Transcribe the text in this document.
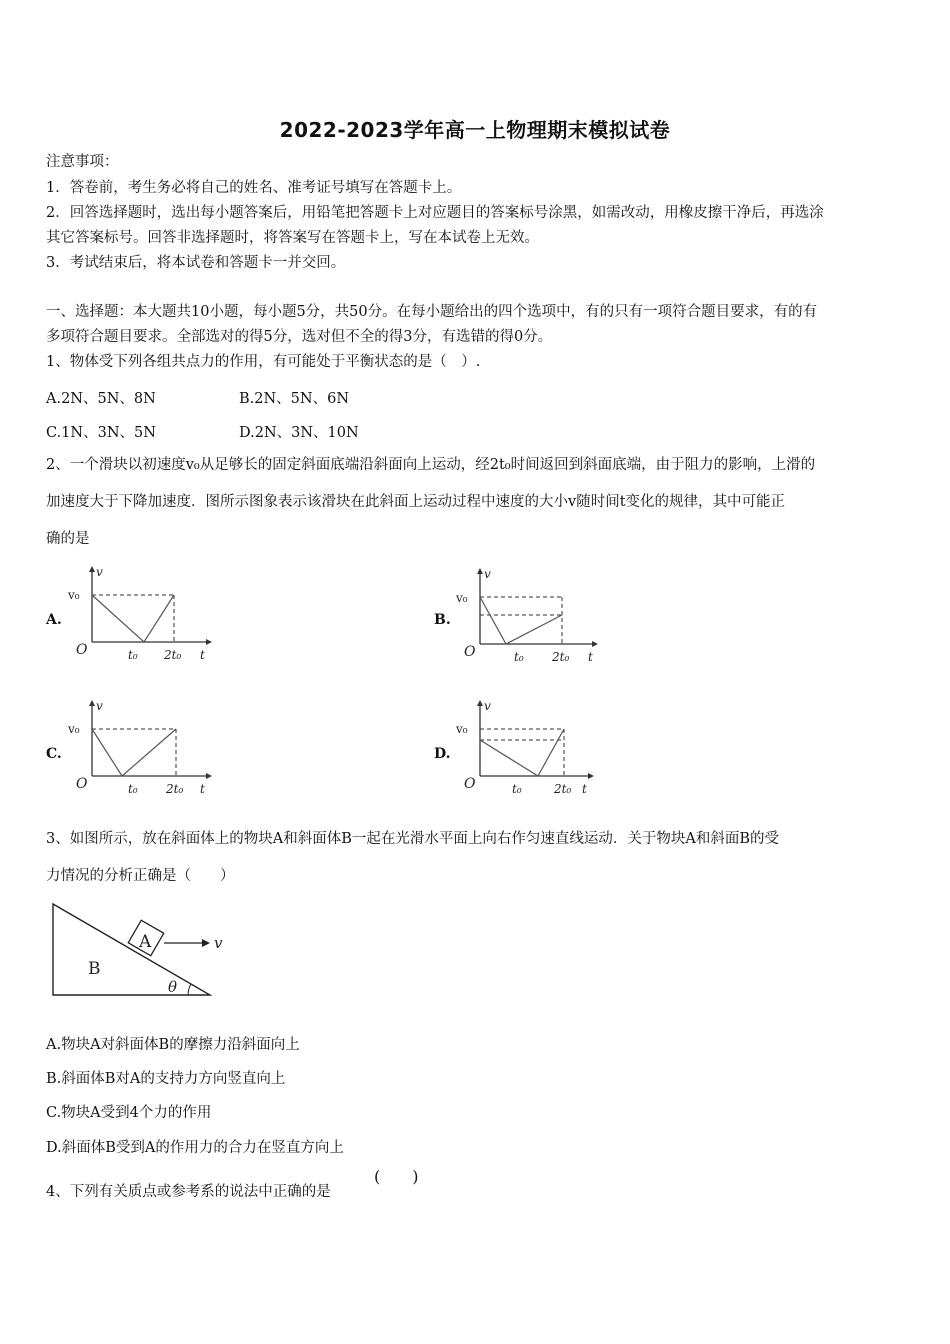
2022-2023学年高一上物理期末模拟试卷
注意事项：
1．答卷前，考生务必将自己的姓名、准考证号填写在答题卡上。
2．回答选择题时，选出每小题答案后，用铅笔把答题卡上对应题目的答案标号涂黑，如需改动，用橡皮擦干净后，再选涂
其它答案标号。回答非选择题时，将答案写在答题卡上，写在本试卷上无效。
3．考试结束后，将本试卷和答题卡一并交回。
一、选择题：本大题共10小题，每小题5分，共50分。在每小题给出的四个选项中，有的只有一项符合题目要求，有的有
多项符合题目要求。全部选对的得5分，选对但不全的得3分，有选错的得0分。
1、物体受下列各组共点力的作用，有可能处于平衡状态的是（　）.
A.2N、5N、8N	B.2N、5N、6N
C.1N、3N、5N	D.2N、3N、10N
2、一个滑块以初速度v₀从足够长的固定斜面底端沿斜面向上运动，经2t₀时间返回到斜面底端，由于阻力的影响，上滑的
加速度大于下降加速度．图所示图象表示该滑块在此斜面上运动过程中速度的大小v随时间t变化的规律，其中可能正
确的是
A.	B.
C.	D.
v
v₀
O	t₀ 2t₀ t
v
v₀
O	t₀ 2t₀ t
v
v₀
O	t₀ 2t₀ t
v
v₀
O	t₀	2t₀ t
3、如图所示，放在斜面体上的物块A和斜面体B一起在光滑水平面上向右作匀速直线运动．关于物块A和斜面B的受
力情况的分析正确是（　　）
A	v
B
θ
A.物块A对斜面体B的摩擦力沿斜面向上
B.斜面体B对A的支持力方向竖直向上
C.物块A受到4个力的作用
D.斜面体B受到A的作用力的合力在竖直方向上
4、下列有关质点或参考系的说法中正确的是
(　　)
